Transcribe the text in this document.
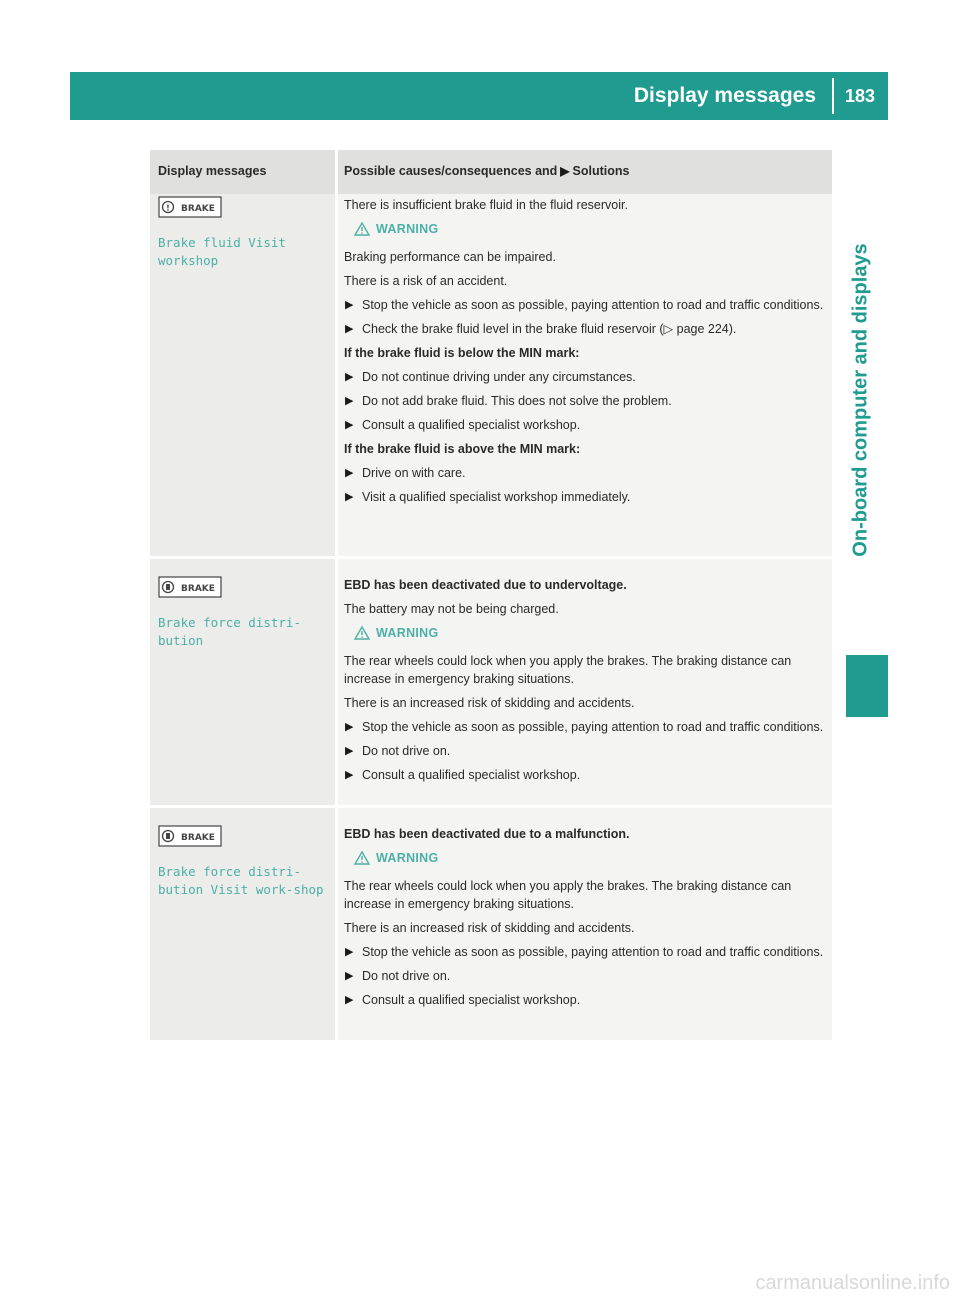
Display messages	183
On-board computer and displays
Display messages	Possible causes/consequences and ▶ Solutions
! BRAKE
Brake fluid Visit workshop
There is insufficient brake fluid in the fluid reservoir.
WARNING
Braking performance can be impaired.
There is a risk of an accident.
▶ Stop the vehicle as soon as possible, paying attention to road and traffic conditions.
▶ Check the brake fluid level in the brake fluid reservoir (▷ page 224).
If the brake fluid is below the MIN mark:
▶ Do not continue driving under any circumstances.
▶ Do not add brake fluid. This does not solve the problem.
▶ Consult a qualified specialist workshop.
If the brake fluid is above the MIN mark:
▶ Drive on with care.
▶ Visit a qualified specialist workshop immediately.
BRAKE
Brake force distri-bution
EBD has been deactivated due to undervoltage.
The battery may not be being charged.
WARNING
The rear wheels could lock when you apply the brakes. The braking distance can increase in emergency braking situations.
There is an increased risk of skidding and accidents.
▶ Stop the vehicle as soon as possible, paying attention to road and traffic conditions.
▶ Do not drive on.
▶ Consult a qualified specialist workshop.
BRAKE
Brake force distri-bution Visit work-shop
EBD has been deactivated due to a malfunction.
WARNING
The rear wheels could lock when you apply the brakes. The braking distance can increase in emergency braking situations.
There is an increased risk of skidding and accidents.
▶ Stop the vehicle as soon as possible, paying attention to road and traffic conditions.
▶ Do not drive on.
▶ Consult a qualified specialist workshop.
carmanualsonline.info
